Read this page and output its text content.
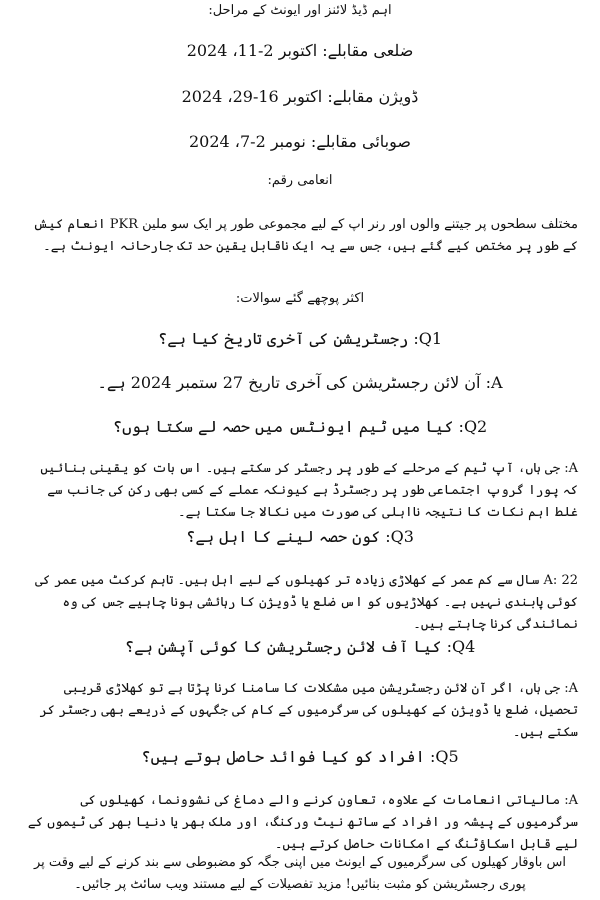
اہم ڈیڈ لائنز اور ایونٹ کے مراحل:
ضلعی مقابلے: اکتوبر 2-11، 2024
ڈویژن مقابلے: اکتوبر 16-29، 2024
صوبائی مقابلے: نومبر 2-7، 2024
انعامی رقم:
مختلف سطحوں پر جیتنے والوں اور رنر اپ کے لیے مجموعی طور پر ایک سو ملین PKR انعام کیش کے طور پر مختص کیے گئے ہیں، جس سے یہ ایک ناقابل یقین حد تک جارحانہ ایونٹ ہے۔
اکثر پوچھے گئے سوالات:
Q1: رجسٹریشن کی آخری تاریخ کیا ہے؟
A: آن لائن رجسٹریشن کی آخری تاریخ 27 ستمبر 2024 ہے۔
Q2: کیا میں ٹیم ایونٹس میں حصہ لے سکتا ہوں؟
A: جی ہاں، آپ ٹیم کے مرحلے کے طور پر رجسٹر کر سکتے ہیں۔ اس بات کو یقینی بنائیں کہ پورا گروپ اجتماعی طور پر رجسٹرڈ ہے کیونکہ عملے کے کسی بھی رکن کی جانب سے غلط اہم نکات کا نتیجہ نااہلی کی صورت میں نکالا جا سکتا ہے۔
Q3: کون حصہ لینے کا اہل ہے؟
A: 22 سال سے کم عمر کے کھلاڑی زیادہ تر کھیلوں کے لیے اہل ہیں۔ تاہم کرکٹ میں عمر کی کوئی پابندی نہیں ہے۔ کھلاڑیوں کو اس ضلع یا ڈویژن کا رہائشی ہونا چاہیے جس کی وہ نمائندگی کرنا چاہتے ہیں۔
Q4: کیا آف لائن رجسٹریشن کا کوئی آپشن ہے؟
A: جی ہاں، اگر آن لائن رجسٹریشن میں مشکلات کا سامنا کرنا پڑتا ہے تو کھلاڑی قریبی تحصیل، ضلع یا ڈویژن کے کھیلوں کی سرگرمیوں کے کام کی جگہوں کے ذریعے بھی رجسٹر کر سکتے ہیں۔
Q5: افراد کو کیا فوائد حاصل ہوتے ہیں؟
A: مالیاتی انعامات کے علاوہ، تعاون کرنے والے دماغ کی نشوونما، کھیلوں کی سرگرمیوں کے پیشہ ور افراد کے ساتھ نیٹ ورکنگ، اور ملک بھر یا دنیا بھر کی ٹیموں کے لیے قابل اسکاؤٹنگ کے امکانات حاصل کرتے ہیں۔
اس باوقار کھیلوں کی سرگرمیوں کے ایونٹ میں اپنی جگہ کو مضبوطی سے بند کرنے کے لیے وقت پر پوری رجسٹریشن کو مثبت بنائیں! مزید تفصیلات کے لیے مستند ویب سائٹ پر جائیں۔
